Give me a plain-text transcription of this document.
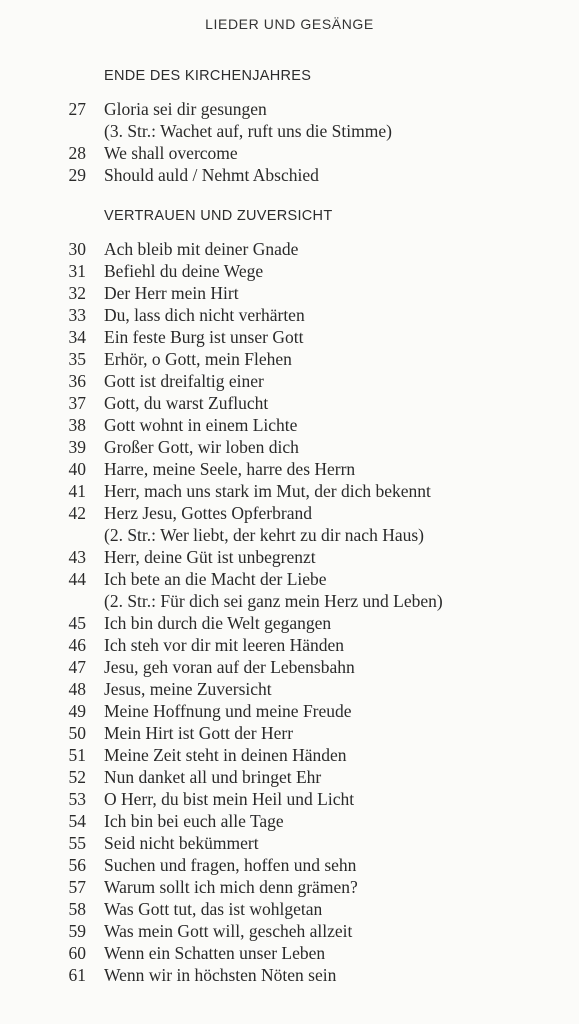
LIEDER UND GESÄNGE
ENDE DES KIRCHENJAHRES
27 Gloria sei dir gesungen
(3. Str.: Wachet auf, ruft uns die Stimme)
28 We shall overcome
29 Should auld / Nehmt Abschied
VERTRAUEN UND ZUVERSICHT
30 Ach bleib mit deiner Gnade
31 Befiehl du deine Wege
32 Der Herr mein Hirt
33 Du, lass dich nicht verhärten
34 Ein feste Burg ist unser Gott
35 Erhör, o Gott, mein Flehen
36 Gott ist dreifaltig einer
37 Gott, du warst Zuflucht
38 Gott wohnt in einem Lichte
39 Großer Gott, wir loben dich
40 Harre, meine Seele, harre des Herrn
41 Herr, mach uns stark im Mut, der dich bekennt
42 Herz Jesu, Gottes Opferbrand
(2. Str.: Wer liebt, der kehrt zu dir nach Haus)
43 Herr, deine Güt ist unbegrenzt
44 Ich bete an die Macht der Liebe
(2. Str.: Für dich sei ganz mein Herz und Leben)
45 Ich bin durch die Welt gegangen
46 Ich steh vor dir mit leeren Händen
47 Jesu, geh voran auf der Lebensbahn
48 Jesus, meine Zuversicht
49 Meine Hoffnung und meine Freude
50 Mein Hirt ist Gott der Herr
51 Meine Zeit steht in deinen Händen
52 Nun danket all und bringet Ehr
53 O Herr, du bist mein Heil und Licht
54 Ich bin bei euch alle Tage
55 Seid nicht bekümmert
56 Suchen und fragen, hoffen und sehn
57 Warum sollt ich mich denn grämen?
58 Was Gott tut, das ist wohlgetan
59 Was mein Gott will, gescheh allzeit
60 Wenn ein Schatten unser Leben
61 Wenn wir in höchsten Nöten sein
